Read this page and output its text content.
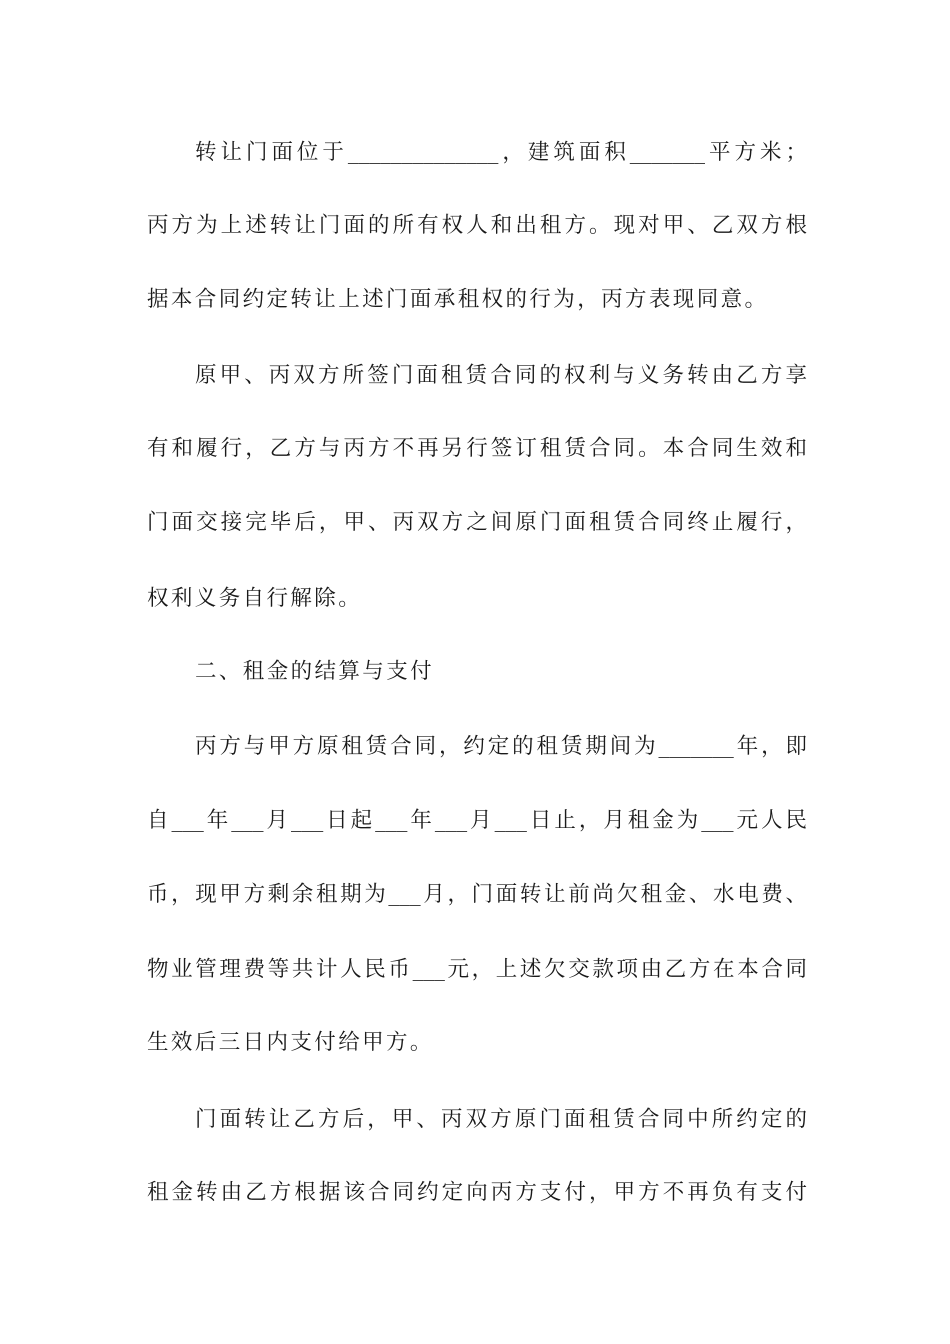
转让门面位于______________，建筑面积_______平方米；
丙方为上述转让门面的所有权人和出租方。现对甲、乙双方根
据本合同约定转让上述门面承租权的行为，丙方表现同意。
原甲、丙双方所签门面租赁合同的权利与义务转由乙方享
有和履行，乙方与丙方不再另行签订租赁合同。本合同生效和
门面交接完毕后，甲、丙双方之间原门面租赁合同终止履行，
权利义务自行解除。
二、租金的结算与支付
丙方与甲方原租赁合同，约定的租赁期间为_______年，即
自___年___月___日起___年___月___日止，月租金为___元人民
币，现甲方剩余租期为___月，门面转让前尚欠租金、水电费、
物业管理费等共计人民币___元，上述欠交款项由乙方在本合同
生效后三日内支付给甲方。
门面转让乙方后，甲、丙双方原门面租赁合同中所约定的
租金转由乙方根据该合同约定向丙方支付，甲方不再负有支付
